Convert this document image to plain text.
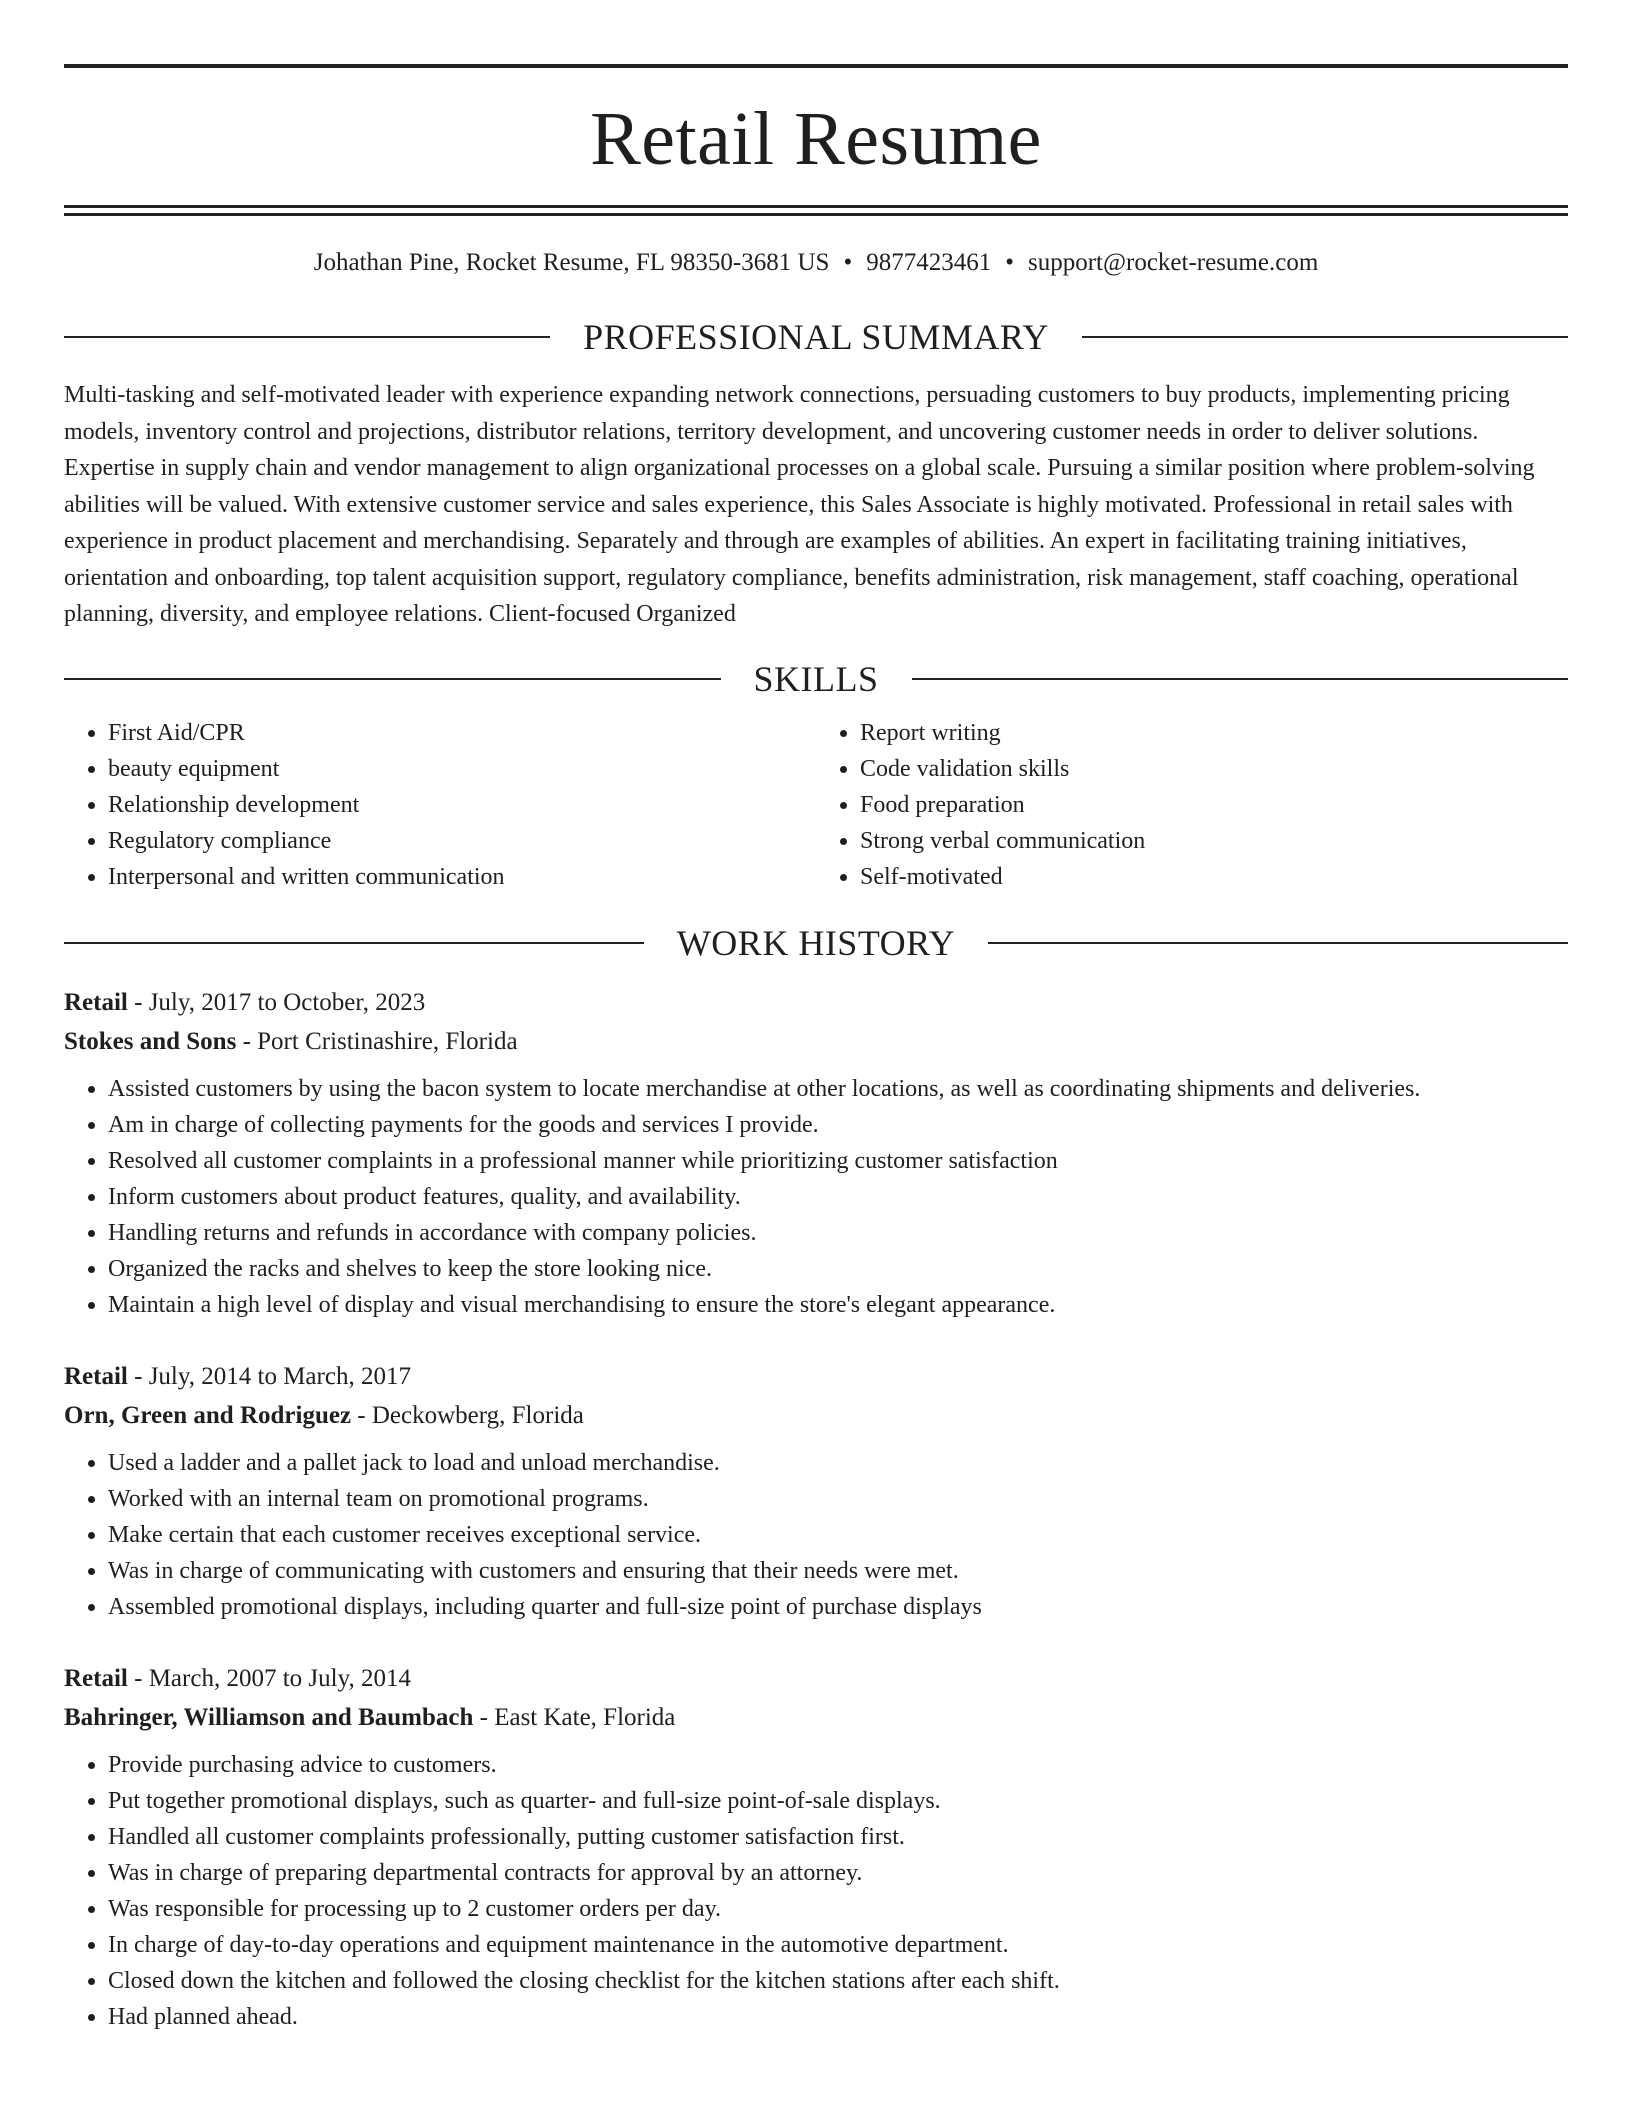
Retail Resume
Johathan Pine, Rocket Resume, FL 98350-3681 US • 9877423461 • support@rocket-resume.com
PROFESSIONAL SUMMARY
Multi-tasking and self-motivated leader with experience expanding network connections, persuading customers to buy products, implementing pricing models, inventory control and projections, distributor relations, territory development, and uncovering customer needs in order to deliver solutions. Expertise in supply chain and vendor management to align organizational processes on a global scale. Pursuing a similar position where problem-solving abilities will be valued. With extensive customer service and sales experience, this Sales Associate is highly motivated. Professional in retail sales with experience in product placement and merchandising. Separately and through are examples of abilities. An expert in facilitating training initiatives, orientation and onboarding, top talent acquisition support, regulatory compliance, benefits administration, risk management, staff coaching, operational planning, diversity, and employee relations. Client-focused Organized
SKILLS
• First Aid/CPR
• beauty equipment
• Relationship development
• Regulatory compliance
• Interpersonal and written communication
• Report writing
• Code validation skills
• Food preparation
• Strong verbal communication
• Self-motivated
WORK HISTORY
Retail - July, 2017 to October, 2023
Stokes and Sons - Port Cristinashire, Florida
• Assisted customers by using the bacon system to locate merchandise at other locations, as well as coordinating shipments and deliveries.
• Am in charge of collecting payments for the goods and services I provide.
• Resolved all customer complaints in a professional manner while prioritizing customer satisfaction
• Inform customers about product features, quality, and availability.
• Handling returns and refunds in accordance with company policies.
• Organized the racks and shelves to keep the store looking nice.
• Maintain a high level of display and visual merchandising to ensure the store's elegant appearance.
Retail - July, 2014 to March, 2017
Orn, Green and Rodriguez - Deckowberg, Florida
• Used a ladder and a pallet jack to load and unload merchandise.
• Worked with an internal team on promotional programs.
• Make certain that each customer receives exceptional service.
• Was in charge of communicating with customers and ensuring that their needs were met.
• Assembled promotional displays, including quarter and full-size point of purchase displays
Retail - March, 2007 to July, 2014
Bahringer, Williamson and Baumbach - East Kate, Florida
• Provide purchasing advice to customers.
• Put together promotional displays, such as quarter- and full-size point-of-sale displays.
• Handled all customer complaints professionally, putting customer satisfaction first.
• Was in charge of preparing departmental contracts for approval by an attorney.
• Was responsible for processing up to 2 customer orders per day.
• In charge of day-to-day operations and equipment maintenance in the automotive department.
• Closed down the kitchen and followed the closing checklist for the kitchen stations after each shift.
• Had planned ahead.
